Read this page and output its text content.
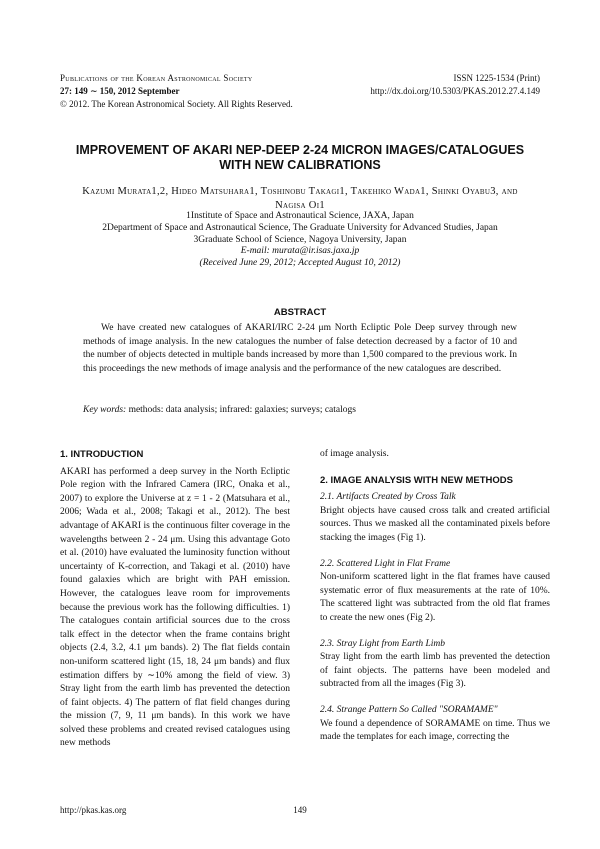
Publications of the Korean Astronomical Society
27: 149 ∼ 150, 2012 September
© 2012. The Korean Astronomical Society. All Rights Reserved.
ISSN 1225-1534 (Print)
http://dx.doi.org/10.5303/PKAS.2012.27.4.149
IMPROVEMENT OF AKARI NEP-DEEP 2-24 MICRON IMAGES/CATALOGUES WITH NEW CALIBRATIONS
Kazumi Murata1,2, Hideo Matsuhara1, Toshinobu Takagi1, Takehiko Wada1, Shinki Oyabu3, and
Nagisa Oi1
1Institute of Space and Astronautical Science, JAXA, Japan
2Department of Space and Astronautical Science, The Graduate University for Advanced Studies, Japan
3Graduate School of Science, Nagoya University, Japan
E-mail: murata@ir.isas.jaxa.jp
(Received June 29, 2012; Accepted August 10, 2012)
ABSTRACT

We have created new catalogues of AKARI/IRC 2-24 μm North Ecliptic Pole Deep survey through new methods of image analysis. In the new catalogues the number of false detection decreased by a factor of 10 and the number of objects detected in multiple bands increased by more than 1,500 compared to the previous work. In this proceedings the new methods of image analysis and the performance of the new catalogues are described.

Key words: methods: data analysis; infrared: galaxies; surveys; catalogs
1. INTRODUCTION

AKARI has performed a deep survey in the North Ecliptic Pole region with the Infrared Camera (IRC, Onaka et al., 2007) to explore the Universe at z = 1 - 2 (Matsuhara et al., 2006; Wada et al., 2008; Takagi et al., 2012). The best advantage of AKARI is the continuous filter coverage in the wavelengths between 2 - 24 μm. Using this advantage Goto et al. (2010) have evaluated the luminosity function without uncertainty of K-correction, and Takagi et al. (2010) have found galaxies which are bright with PAH emission. However, the catalogues leave room for improvements because the previous work has the following difficulties. 1) The catalogues contain artificial sources due to the cross talk effect in the detector when the frame contains bright objects (2.4, 3.2, 4.1 μm bands). 2) The flat fields contain non-uniform scattered light (15, 18, 24 μm bands) and flux estimation differs by ∼10% among the field of view. 3) Stray light from the earth limb has prevented the detection of faint objects. 4) The pattern of flat field changes during the mission (7, 9, 11 μm bands). In this work we have solved these problems and created revised catalogues using new methods

of image analysis.

2. IMAGE ANALYSIS WITH NEW METHODS
2.1. Artifacts Created by Cross Talk

Bright objects have caused cross talk and created artificial sources. Thus we masked all the contaminated pixels before stacking the images (Fig 1).

2.2. Scattered Light in Flat Frame

Non-uniform scattered light in the flat frames have caused systematic error of flux measurements at the rate of 10%. The scattered light was subtracted from the old flat frames to create the new ones (Fig 2).

2.3. Stray Light from Earth Limb

Stray light from the earth limb has prevented the detection of faint objects. The patterns have been modeled and subtracted from all the images (Fig 3).

2.4. Strange Pattern So Called "SORAMAME"

We found a dependence of SORAMAME on time. Thus we made the templates for each image, correcting the

http://pkas.kas.org	149
